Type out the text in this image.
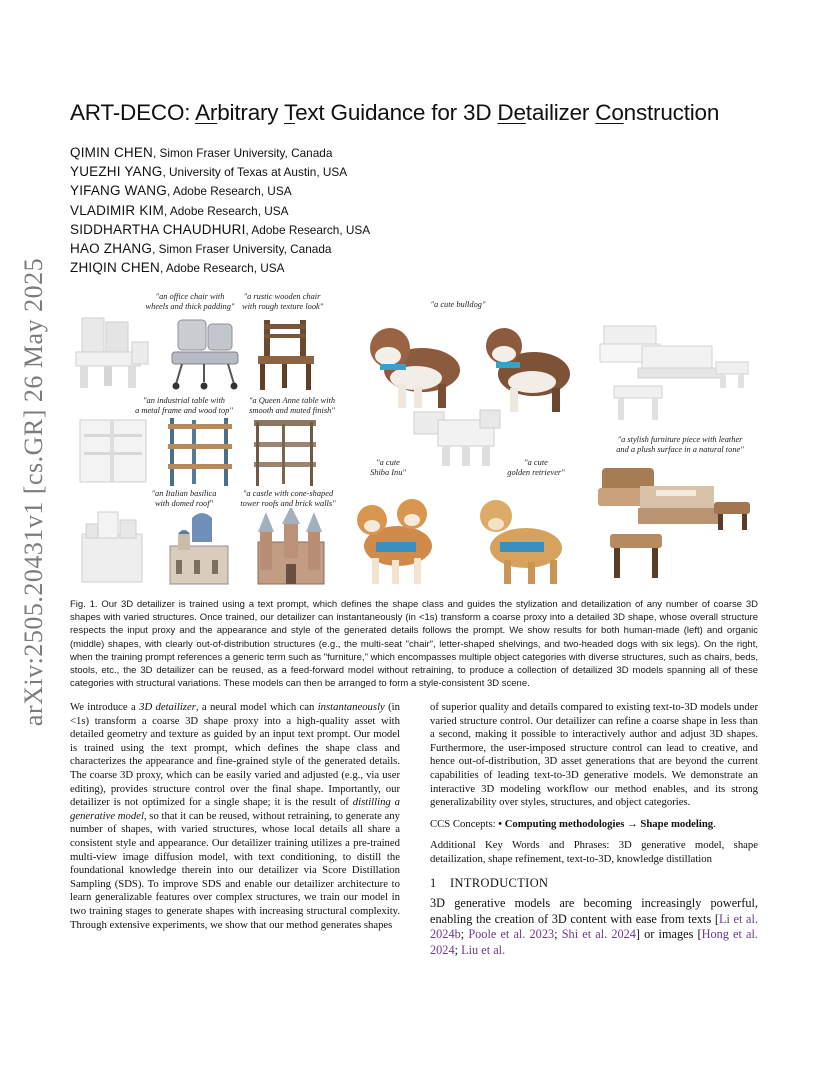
arXiv:2505.20431v1 [cs.GR] 26 May 2025
ART-DECO: Arbitrary Text Guidance for 3D Detailizer Construction
QIMIN CHEN, Simon Fraser University, Canada
YUEZHI YANG, University of Texas at Austin, USA
YIFANG WANG, Adobe Research, USA
VLADIMIR KIM, Adobe Research, USA
SIDDHARTHA CHAUDHURI, Adobe Research, USA
HAO ZHANG, Simon Fraser University, Canada
ZHIQIN CHEN, Adobe Research, USA
"an office chair with
wheels and thick padding"
"a rustic wooden chair
with rough texture look"	"a cute bulldog"
"an industrial table with
a metal frame and wood top"
"a Queen Anne table with
smooth and muted finish"
"a cute
Shiba Inu"
"a cute
golden retriever"
"a stylish furniture piece with leather
and a plush surface in a natural tone"
"an Italian basilica
with domed roof"
"a castle with cone-shaped
tower roofs and brick walls"

Fig. 1. Our 3D detailizer is trained using a text prompt, which defines the shape class and guides the stylization and detailization of any number of coarse 3D shapes with varied structures. Once trained, our detailizer can instantaneously (in <1s) transform a coarse proxy into a detailed 3D shape, whose overall structure respects the input proxy and the appearance and style of the generated details follows the prompt. We show results for both human-made (left) and organic (middle) shapes, with clearly out-of-distribution structures (e.g., the multi-seat "chair", letter-shaped shelvings, and two-headed dogs with six legs). On the right, when the training prompt references a generic term such as "furniture," which encompasses multiple object categories with diverse structures, such as chairs, beds, stools, etc., the 3D detailizer can be reused, as a feed-forward model without retraining, to produce a collection of detailized 3D models spanning all of these categories with structural variations. These models can then be arranged to form a style-consistent 3D scene.

We introduce a 3D detailizer, a neural model which can instantaneously (in <1s) transform a coarse 3D shape proxy into a high-quality asset with detailed geometry and texture as guided by an input text prompt. Our model is trained using the text prompt, which defines the shape class and characterizes the appearance and fine-grained style of the generated details. The coarse 3D proxy, which can be easily varied and adjusted (e.g., via user editing), provides structure control over the final shape. Importantly, our detailizer is not optimized for a single shape; it is the result of distilling a generative model, so that it can be reused, without retraining, to generate any number of shapes, with varied structures, whose local details all share a consistent style and appearance. Our detailizer training utilizes a pre-trained multi-view image diffusion model, with text conditioning, to distill the foundational knowledge therein into our detailizer via Score Distillation Sampling (SDS). To improve SDS and enable our detailizer architecture to learn generalizable features over complex structures, we train our model in two training stages to generate shapes with increasing structural complexity. Through extensive experiments, we show that our method generates shapes

of superior quality and details compared to existing text-to-3D models under varied structure control. Our detailizer can refine a coarse shape in less than a second, making it possible to interactively author and adjust 3D shapes. Furthermore, the user-imposed structure control can lead to creative, and hence out-of-distribution, 3D asset generations that are beyond the current capabilities of leading text-to-3D generative models. We demonstrate an interactive 3D modeling workflow our method enables, and its strong generalizability over styles, structures, and object categories.

CCS Concepts: • Computing methodologies → Shape modeling.

Additional Key Words and Phrases: 3D generative model, shape detailization, shape refinement, text-to-3D, knowledge distillation

1 INTRODUCTION

3D generative models are becoming increasingly powerful, enabling the creation of 3D content with ease from texts [Li et al. 2024b; Poole et al. 2023; Shi et al. 2024] or images [Hong et al. 2024; Liu et al.
